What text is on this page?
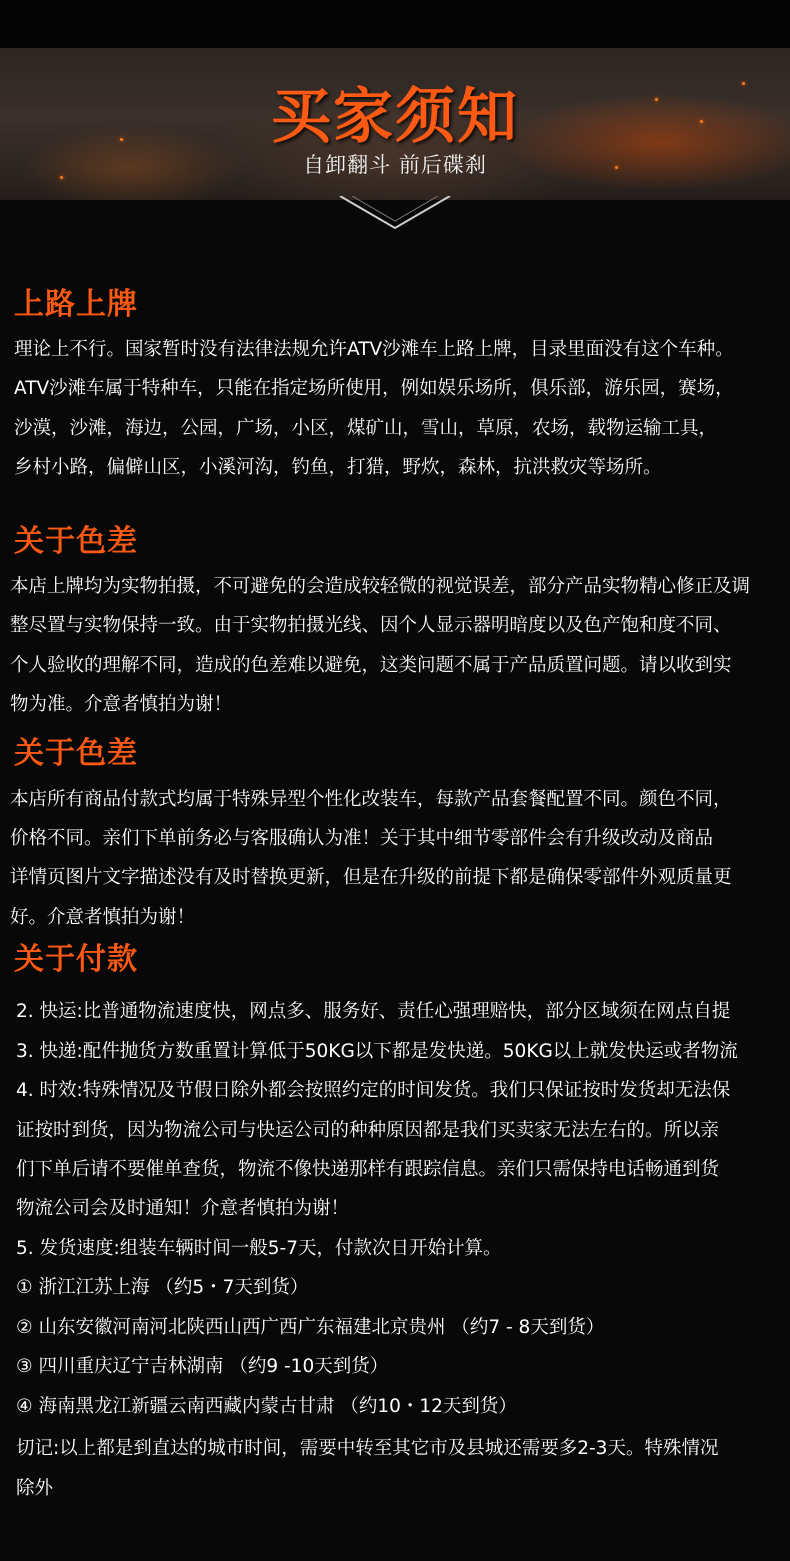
买家须知
自卸翻斗 前后碟刹
上路上牌
理论上不行。国家暂时没有法律法规允许ATV沙滩车上路上牌，目录里面没有这个车种。
ATV沙滩车属于特种车，只能在指定场所使用，例如娱乐场所，俱乐部，游乐园，赛场，
沙漠，沙滩，海边，公园，广场，小区，煤矿山，雪山，草原，农场，载物运输工具，
乡村小路，偏僻山区，小溪河沟，钓鱼，打猎，野炊，森林，抗洪救灾等场所。
关于色差
本店上牌均为实物拍摄，不可避免的会造成较轻微的视觉误差，部分产品实物精心修正及调
整尽置与实物保持一致。由于实物拍摄光线、因个人显示器明暗度以及色产饱和度不同、
个人验收的理解不同，造成的色差难以避免，这类问题不属于产品质置问题。请以收到实
物为准。介意者慎拍为谢！
关于色差
本店所有商品付款式均属于特殊异型个性化改装车，每款产品套餐配置不同。颜色不同，
价格不同。亲们下单前务必与客服确认为准！关于其中细节零部件会有升级改动及商品
详情页图片文字描述没有及时替换更新，但是在升级的前提下都是确保零部件外观质量更
好。介意者慎拍为谢！
关于付款
2. 快运:比普通物流速度快，网点多、服务好、责任心强理赔快，部分区域须在网点自提
3. 快递:配件抛货方数重置计算低于50KG以下都是发快递。50KG以上就发快运或者物流
4. 时效:特殊情况及节假日除外都会按照约定的时间发货。我们只保证按时发货却无法保
证按时到货，因为物流公司与快运公司的种种原因都是我们买卖家无法左右的。所以亲
们下单后请不要催单查货，物流不像快递那样有跟踪信息。亲们只需保持电话畅通到货
物流公司会及时通知！介意者慎拍为谢！
5. 发货速度:组装车辆时间一般5-7天，付款次日开始计算。
① 浙江江苏上海 （约5・7天到货）
② 山东安徽河南河北陕西山西广西广东福建北京贵州 （约7 - 8天到货）
③ 四川重庆辽宁吉林湖南 （约9 -10天到货）
④ 海南黑龙江新疆云南西藏内蒙古甘肃 （约10・12天到货）
切记:以上都是到直达的城市时间，需要中转至其它市及县城还需要多2-3天。特殊情况
除外
